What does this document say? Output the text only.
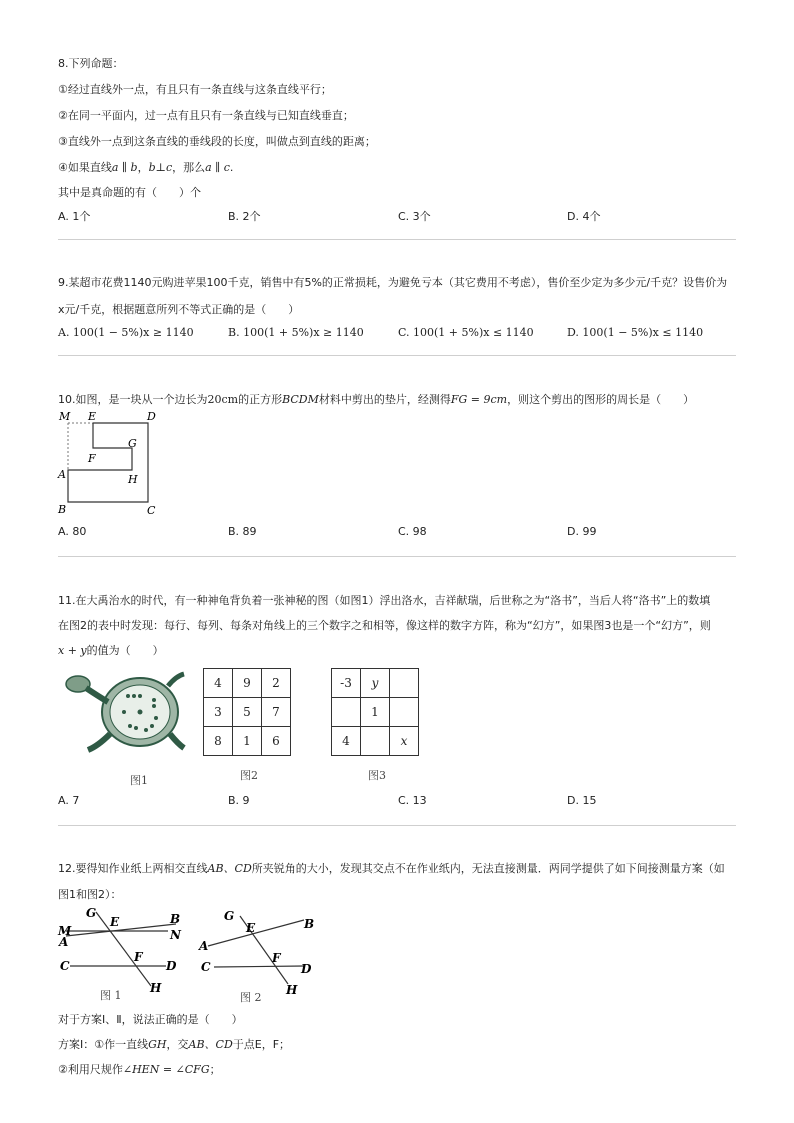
8.下列命题：
①经过直线外一点，有且只有一条直线与这条直线平行；
②在同一平面内，过一点有且只有一条直线与已知直线垂直；
③直线外一点到这条直线的垂线段的长度，叫做点到直线的距离；
④如果直线a ∥ b，b⊥c，那么a ∥ c.
其中是真命题的有（　　）个
A. 1个	B. 2个	C. 3个	D. 4个
9.某超市花费1140元购进苹果100千克，销售中有5%的正常损耗，为避免亏本（其它费用不考虑），售价至少定为多少元/千克？设售价为
x元/千克，根据题意所列不等式正确的是（　　）
A. 100(1 − 5%)x ≥ 1140	B. 100(1 + 5%)x ≥ 1140	C. 100(1 + 5%)x ≤ 1140	D. 100(1 − 5%)x ≤ 1140
10.如图，是一块从一个边长为20cm的正方形BCDM材料中剪出的垫片，经测得FG = 9cm，则这个剪出的图形的周长是（　　）
M E	D
G
F
A	H
B	C
A. 80	B. 89	C. 98	D. 99
11.在大禹治水的时代，有一种神龟背负着一张神秘的图（如图1）浮出洛水，吉祥献瑞，后世称之为“洛书”，当后人将“洛书”上的数填
在图2的表中时发现：每行、每列、每条对角线上的三个数字之和相等，像这样的数字方阵，称为“幻方”，如果图3也是一个“幻方”，则
x + y的值为（　　）
图1
4	9	2
3	5	7
8	1	6
图2
-3	y	
	1	
4		x
图3
A. 7	B. 9	C. 13	D. 15
12.要得知作业纸上两相交直线AB、CD所夹锐角的大小，发现其交点不在作业纸内，无法直接测量．两同学提供了如下间接测量方案（如
图1和图2）：
G
E	B
M	N
A
C
F
D
H
图 1
G
E	B
A
C
F
D
H
图 2
对于方案Ⅰ、Ⅱ，说法正确的是（　　）
方案Ⅰ：①作一直线GH，交AB、CD于点E，F；
②利用尺规作∠HEN = ∠CFG；
